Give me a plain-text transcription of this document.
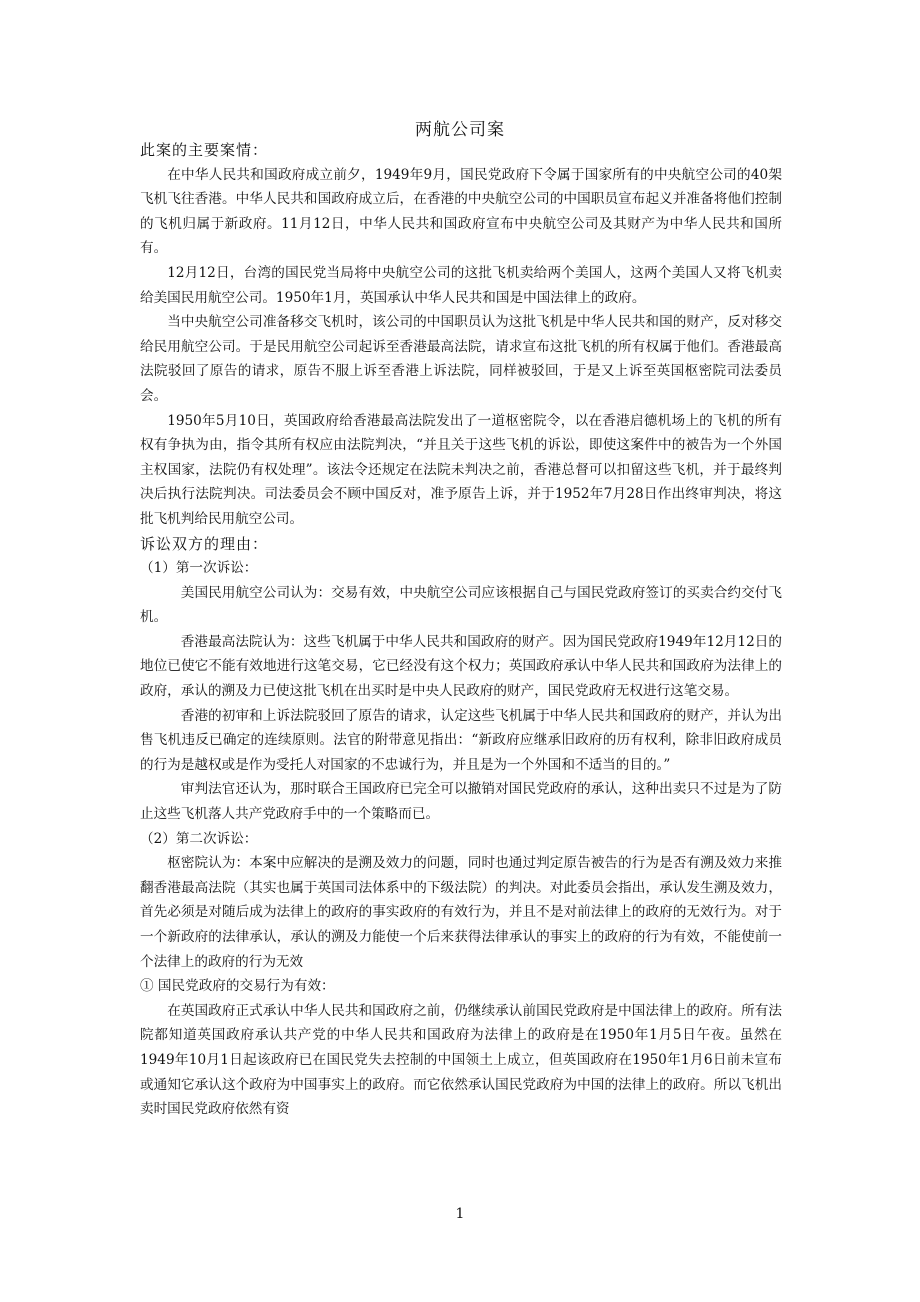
两航公司案

此案的主要案情：

在中华人民共和国政府成立前夕，1949年9月，国民党政府下令属于国家所有的中央航空公司的40架飞机飞往香港。中华人民共和国政府成立后，在香港的中央航空公司的中国职员宣布起义并准备将他们控制的飞机归属于新政府。11月12日，中华人民共和国政府宣布中央航空公司及其财产为中华人民共和国所有。

12月12日，台湾的国民党当局将中央航空公司的这批飞机卖给两个美国人，这两个美国人又将飞机卖给美国民用航空公司。1950年1月，英国承认中华人民共和国是中国法律上的政府。

当中央航空公司准备移交飞机时，该公司的中国职员认为这批飞机是中华人民共和国的财产，反对移交给民用航空公司。于是民用航空公司起诉至香港最高法院，请求宣布这批飞机的所有权属于他们。香港最高法院驳回了原告的请求，原告不服上诉至香港上诉法院，同样被驳回，于是又上诉至英国枢密院司法委员会。

1950年5月10日，英国政府给香港最高法院发出了一道枢密院令，以在香港启德机场上的飞机的所有权有争执为由，指令其所有权应由法院判决，“并且关于这些飞机的诉讼，即使这案件中的被告为一个外国主权国家，法院仍有权处理”。该法令还规定在法院未判决之前，香港总督可以扣留这些飞机，并于最终判决后执行法院判决。司法委员会不顾中国反对，准予原告上诉，并于1952年7月28日作出终审判决，将这批飞机判给民用航空公司。

诉讼双方的理由：

（1）第一次诉讼：

美国民用航空公司认为：交易有效，中央航空公司应该根据自己与国民党政府签订的买卖合约交付飞机。

香港最高法院认为：这些飞机属于中华人民共和国政府的财产。因为国民党政府1949年12月12日的地位已使它不能有效地进行这笔交易，它已经没有这个权力；英国政府承认中华人民共和国政府为法律上的政府，承认的溯及力已使这批飞机在出买时是中央人民政府的财产，国民党政府无权进行这笔交易。

香港的初审和上诉法院驳回了原告的请求，认定这些飞机属于中华人民共和国政府的财产，并认为出售飞机违反已确定的连续原则。法官的附带意见指出：“新政府应继承旧政府的历有权利，除非旧政府成员的行为是越权或是作为受托人对国家的不忠诚行为，并且是为一个外国和不适当的目的。”

审判法官还认为，那时联合王国政府已完全可以撤销对国民党政府的承认，这种出卖只不过是为了防止这些飞机落人共产党政府手中的一个策略而已。

（2）第二次诉讼：

枢密院认为：本案中应解决的是溯及效力的问题，同时也通过判定原告被告的行为是否有溯及效力来推翻香港最高法院（其实也属于英国司法体系中的下级法院）的判决。对此委员会指出，承认发生溯及效力，首先必须是对随后成为法律上的政府的事实政府的有效行为，并且不是对前法律上的政府的无效行为。对于一个新政府的法律承认，承认的溯及力能使一个后来获得法律承认的事实上的政府的行为有效，不能使前一个法律上的政府的行为无效

① 国民党政府的交易行为有效：

在英国政府正式承认中华人民共和国政府之前，仍继续承认前国民党政府是中国法律上的政府。所有法院都知道英国政府承认共产党的中华人民共和国政府为法律上的政府是在1950年1月5日午夜。虽然在1949年10月1日起该政府已在国民党失去控制的中国领土上成立，但英国政府在1950年1月6日前未宣布或通知它承认这个政府为中国事实上的政府。而它依然承认国民党政府为中国的法律上的政府。所以飞机出卖时国民党政府依然有资

1
